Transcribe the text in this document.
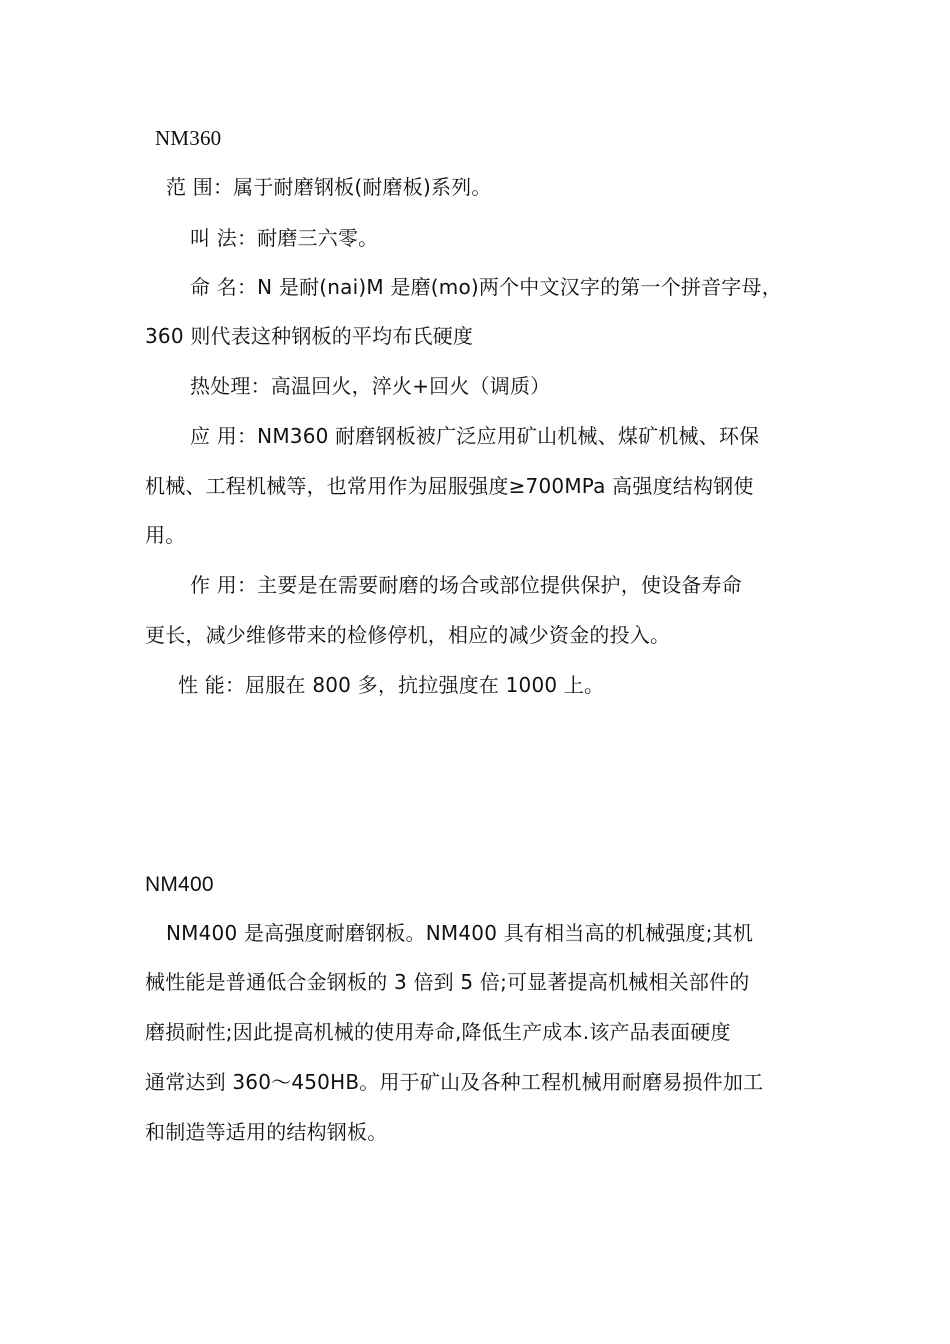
NM360
范 围：属于耐磨钢板(耐磨板)系列。
叫 法：耐磨三六零。
命 名：N 是耐(nai)M 是磨(mo)两个中文汉字的第一个拼音字母，
360 则代表这种钢板的平均布氏硬度
热处理：高温回火，淬火+回火（调质）
应 用：NM360 耐磨钢板被广泛应用矿山机械、煤矿机械、环保
机械、工程机械等，也常用作为屈服强度≥700MPa 高强度结构钢使
用。
作 用：主要是在需要耐磨的场合或部位提供保护，使设备寿命
更长，减少维修带来的检修停机，相应的减少资金的投入。
性 能：屈服在 800 多，抗拉强度在 1000 上。
NM400
NM400 是高强度耐磨钢板。NM400 具有相当高的机械强度;其机
械性能是普通低合金钢板的 3 倍到 5 倍;可显著提高机械相关部件的
磨损耐性;因此提高机械的使用寿命,降低生产成本.该产品表面硬度
通常达到 360～450HB。用于矿山及各种工程机械用耐磨易损件加工
和制造等适用的结构钢板。
